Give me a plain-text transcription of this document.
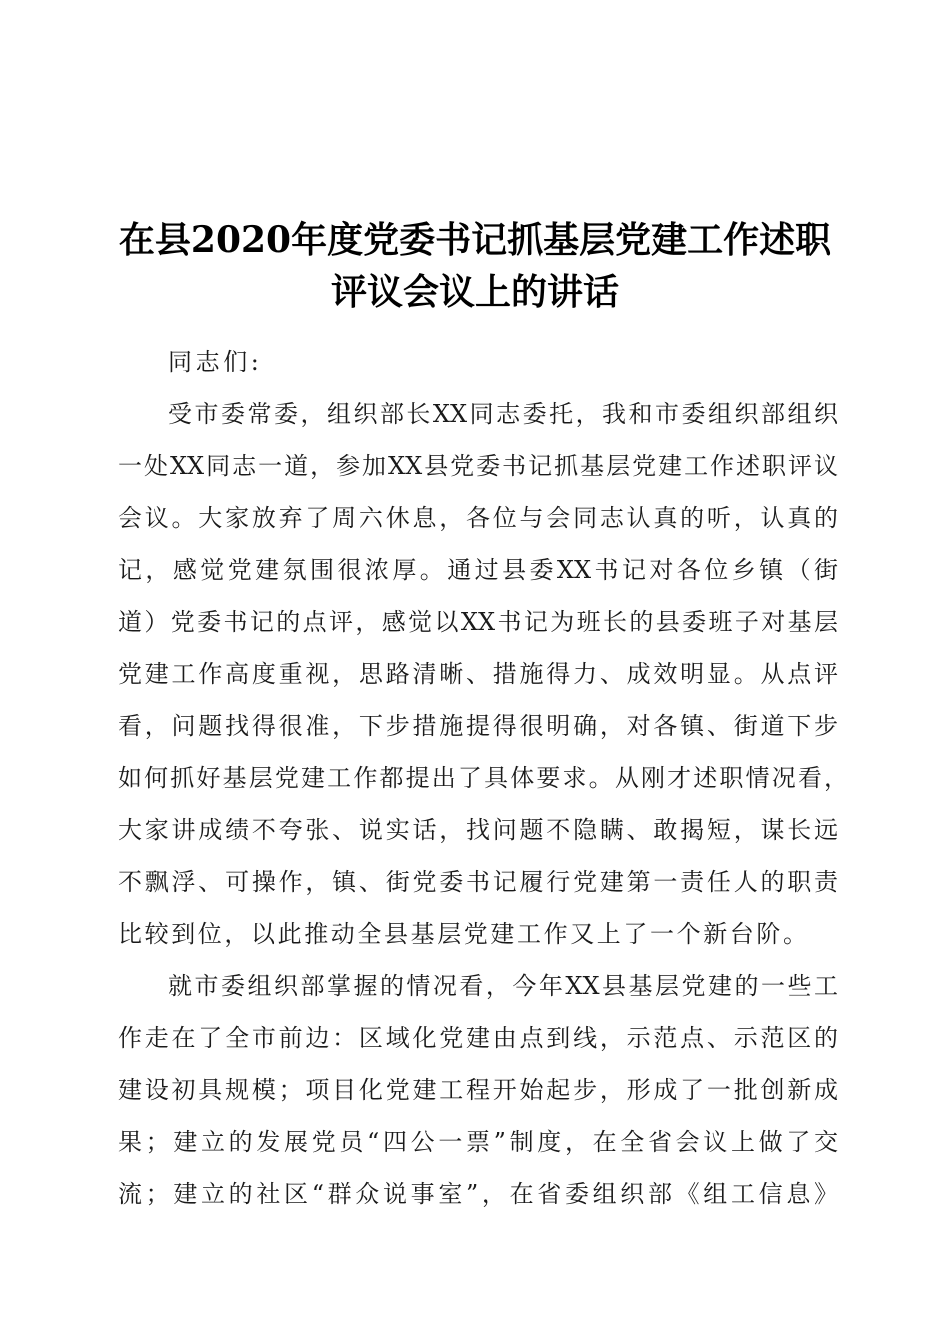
在县2020年度党委书记抓基层党建工作述职
评议会议上的讲话
同志们:
受市委常委，组织部长XX同志委托，我和市委组织部组织
一处XX同志一道，参加XX县党委书记抓基层党建工作述职评议
会议。大家放弃了周六休息，各位与会同志认真的听，认真的
记，感觉党建氛围很浓厚。通过县委XX书记对各位乡镇（街
道）党委书记的点评，感觉以XX书记为班长的县委班子对基层
党建工作高度重视，思路清晰、措施得力、成效明显。从点评
看，问题找得很准，下步措施提得很明确，对各镇、街道下步
如何抓好基层党建工作都提出了具体要求。从刚才述职情况看，
大家讲成绩不夸张、说实话，找问题不隐瞒、敢揭短，谋长远
不飘浮、可操作，镇、街党委书记履行党建第一责任人的职责
比较到位，以此推动全县基层党建工作又上了一个新台阶。
就市委组织部掌握的情况看，今年XX县基层党建的一些工
作走在了全市前边：区域化党建由点到线，示范点、示范区的
建设初具规模；项目化党建工程开始起步，形成了一批创新成
果；建立的发展党员“四公一票”制度，在全省会议上做了交
流；建立的社区“群众说事室”，在省委组织部《组工信息》
